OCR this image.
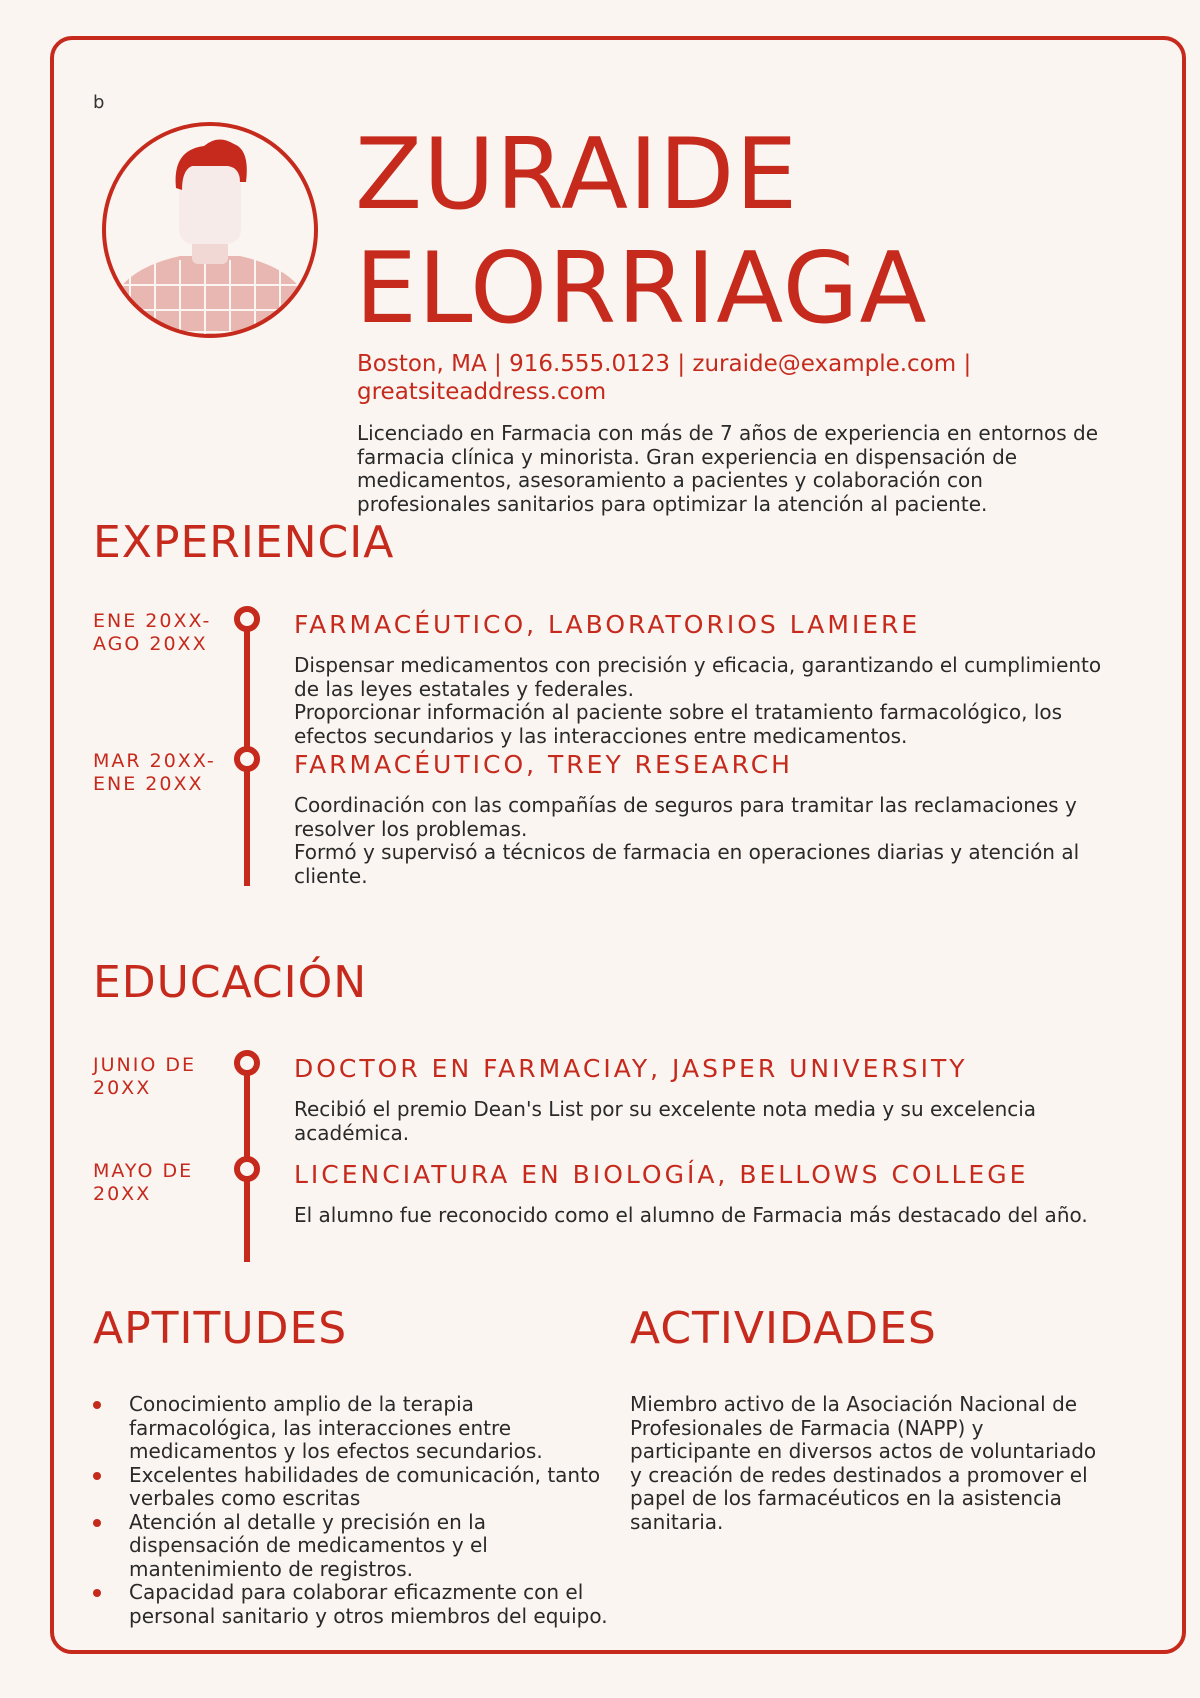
b
ZURAIDE
ELORRIAGA
Boston, MA | 916.555.0123 | zuraide@example.com |
greatsiteaddress.com
Licenciado en Farmacia con más de 7 años de experiencia en entornos de farmacia clínica y minorista. Gran experiencia en dispensación de medicamentos, asesoramiento a pacientes y colaboración con profesionales sanitarios para optimizar la atención al paciente.
EXPERIENCIA
ENE 20XX- AGO 20XX
FARMACÉUTICO, LABORATORIOS LAMIERE

Dispensar medicamentos con precisión y eficacia, garantizando el cumplimiento de las leyes estatales y federales.

Proporcionar información al paciente sobre el tratamiento farmacológico, los efectos secundarios y las interacciones entre medicamentos.

MAR 20XX- ENE 20XX
FARMACÉUTICO, TREY RESEARCH

Coordinación con las compañías de seguros para tramitar las reclamaciones y resolver los problemas.

Formó y supervisó a técnicos de farmacia en operaciones diarias y atención al cliente.

EDUCACIÓN
JUNIO DE 20XX
DOCTOR EN FARMACIAY, JASPER UNIVERSITY

Recibió el premio Dean's List por su excelente nota media y su excelencia académica.

MAYO DE 20XX
LICENCIATURA EN BIOLOGÍA, BELLOWS COLLEGE

El alumno fue reconocido como el alumno de Farmacia más destacado del año.

APTITUDES
Conocimiento amplio de la terapia farmacológica, las interacciones entre medicamentos y los efectos secundarios.
Excelentes habilidades de comunicación, tanto verbales como escritas
Atención al detalle y precisión en la dispensación de medicamentos y el mantenimiento de registros.
Capacidad para colaborar eficazmente con el personal sanitario y otros miembros del equipo.
ACTIVIDADES
Miembro activo de la Asociación Nacional de Profesionales de Farmacia (NAPP) y participante en diversos actos de voluntariado y creación de redes destinados a promover el papel de los farmacéuticos en la asistencia sanitaria.
